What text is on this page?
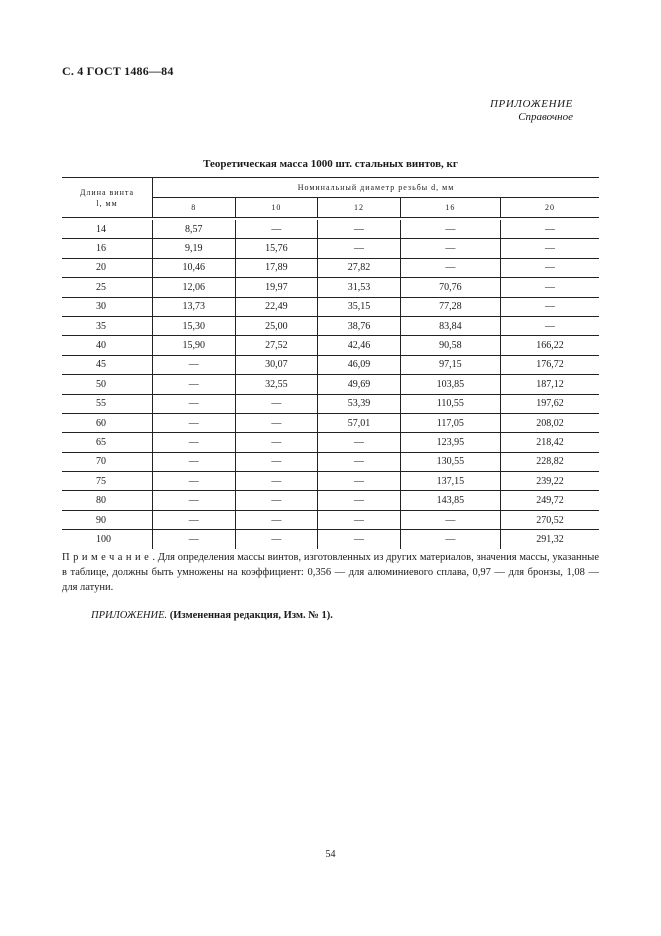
С. 4 ГОСТ 1486—84
ПРИЛОЖЕНИЕ
Справочное
Теоретическая масса 1000 шт. стальных винтов, кг
Длина винта
l, мм	Номинальный диаметр резьбы d, мм				
	8	10	12	16	20

14	8,57	—	—	—	—
16	9,19	15,76	—	—	—
20	10,46	17,89	27,82	—	—
25	12,06	19,97	31,53	70,76	—
30	13,73	22,49	35,15	77,28	—
35	15,30	25,00	38,76	83,84	—
40	15,90	27,52	42,46	90,58	166,22
45	—	30,07	46,09	97,15	176,72
50	—	32,55	49,69	103,85	187,12
55	—	—	53,39	110,55	197,62
60	—	—	57,01	117,05	208,02
65	—	—	—	123,95	218,42
70	—	—	—	130,55	228,82
75	—	—	—	137,15	239,22
80	—	—	—	143,85	249,72
90	—	—	—	—	270,52
100	—	—	—	—	291,32
Примечание. Для определения массы винтов, изготовленных из других материалов, значения массы, указанные в таблице, должны быть умножены на коэффициент: 0,356 — для алюминиевого сплава, 0,97 — для бронзы, 1,08 — для латуни.
ПРИЛОЖЕНИЕ. (Измененная редакция, Изм. № 1).
54
